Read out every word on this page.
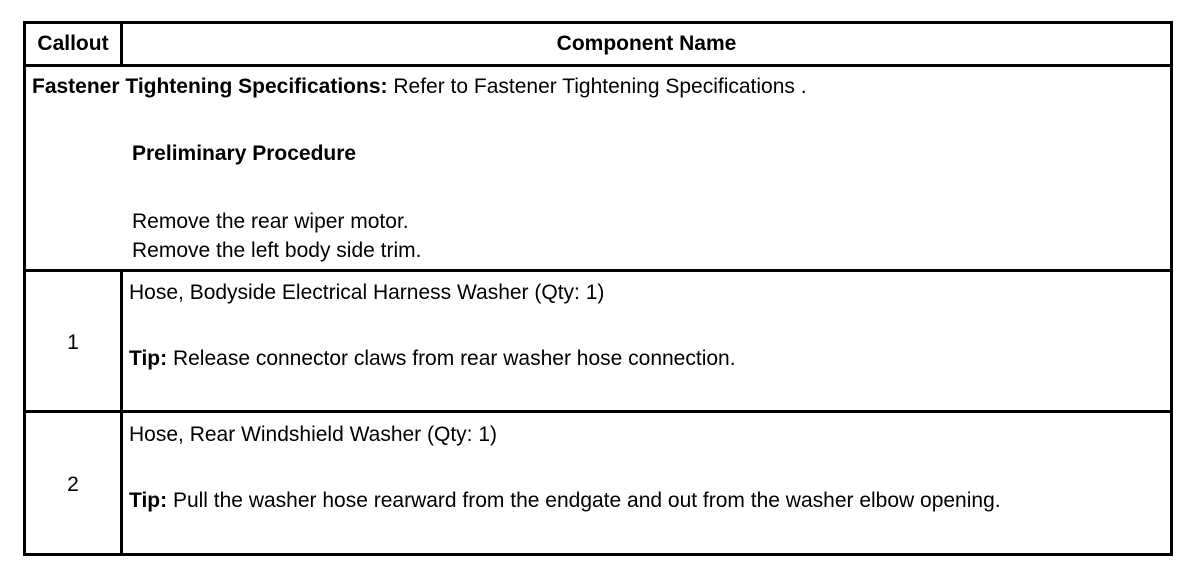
Callout	Component Name
Fastener Tightening Specifications: Refer to Fastener Tightening Specifications .
Preliminary Procedure
Remove the rear wiper motor.
Remove the left body side trim.
1
Hose, Bodyside Electrical Harness Washer (Qty: 1)
Tip: Release connector claws from rear washer hose connection.
2
Hose, Rear Windshield Washer (Qty: 1)
Tip: Pull the washer hose rearward from the endgate and out from the washer elbow opening.
